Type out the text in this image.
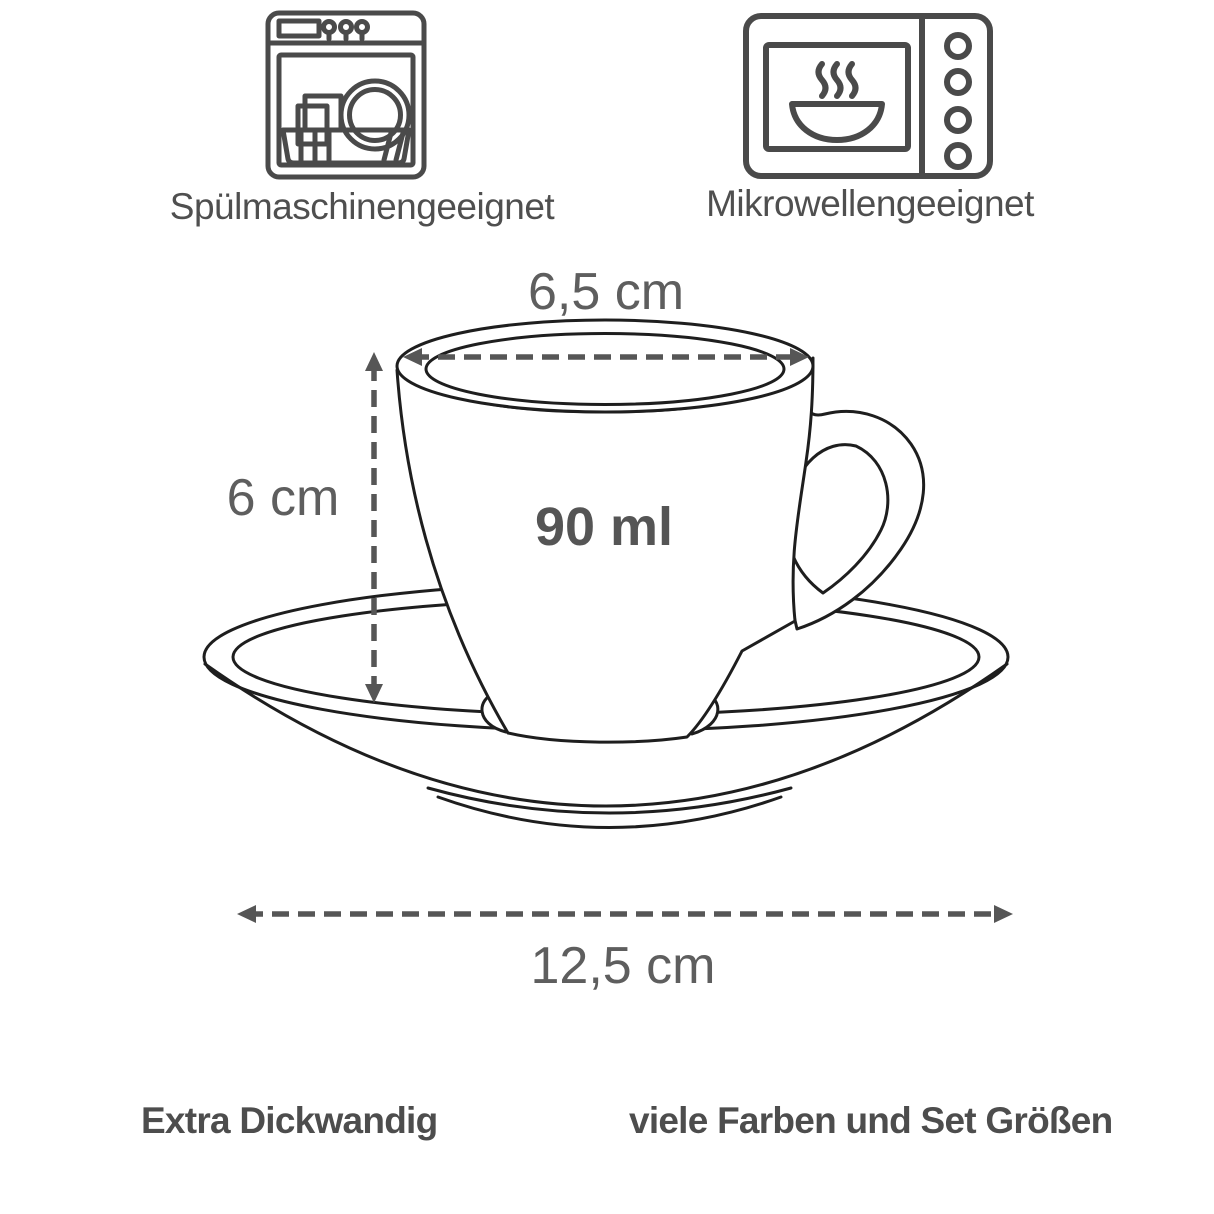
Spülmaschinengeeignet	Mikrowellengeeignet
6,5 cm
6 cm	90 ml
12,5 cm
Extra Dickwandig	viele Farben und Set Größen
